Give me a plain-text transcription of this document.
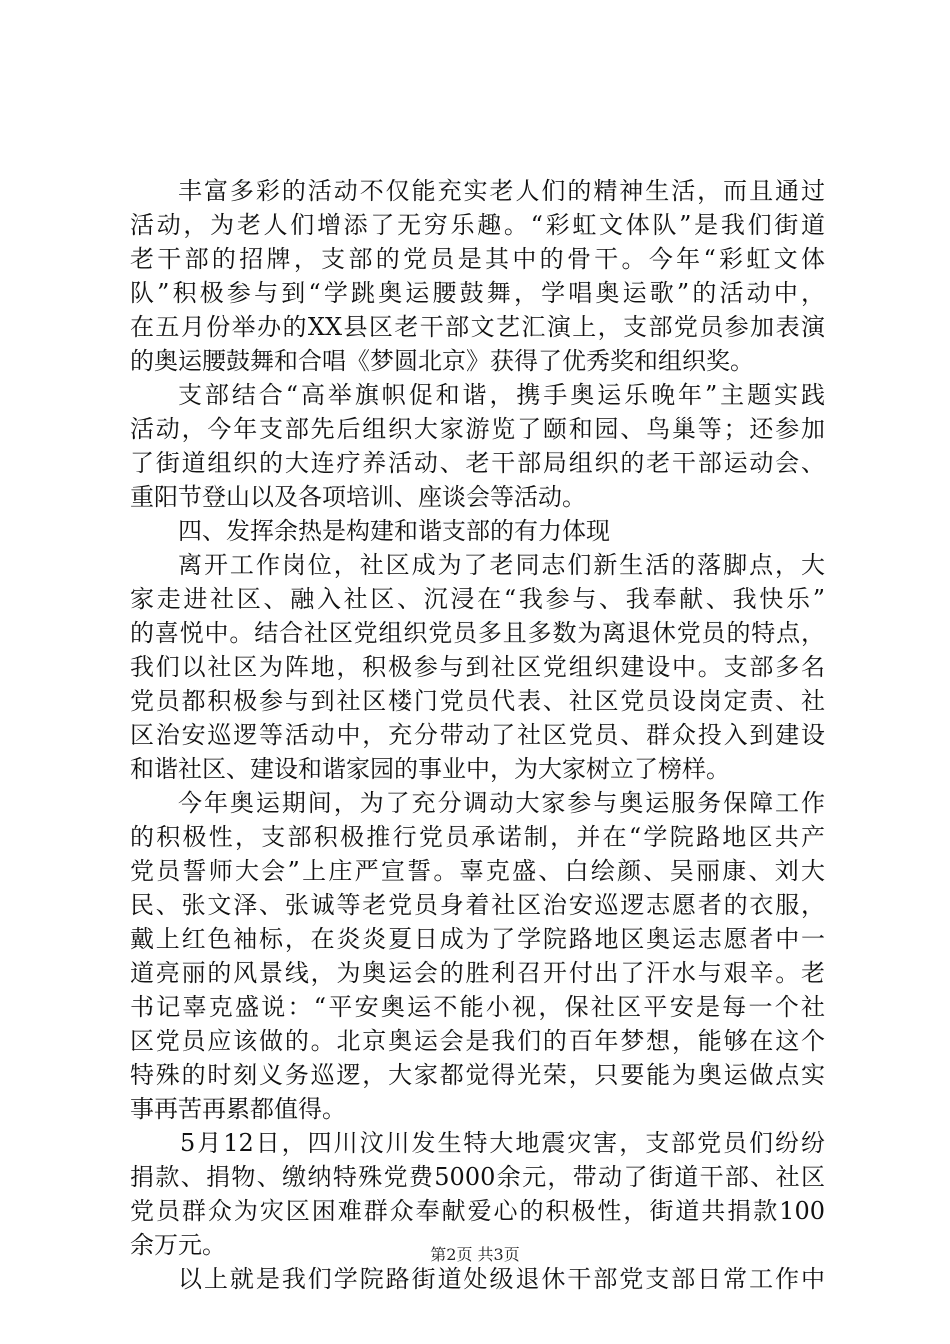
丰富多彩的活动不仅能充实老人们的精神生活，而且通过
活动，为老人们增添了无穷乐趣。“彩虹文体队”是我们街道
老干部的招牌，支部的党员是其中的骨干。今年“彩虹文体
队”积极参与到“学跳奥运腰鼓舞，学唱奥运歌”的活动中，
在五月份举办的XX县区老干部文艺汇演上，支部党员参加表演
的奥运腰鼓舞和合唱《梦圆北京》获得了优秀奖和组织奖。
支部结合“高举旗帜促和谐，携手奥运乐晚年”主题实践
活动，今年支部先后组织大家游览了颐和园、鸟巢等；还参加
了街道组织的大连疗养活动、老干部局组织的老干部运动会、
重阳节登山以及各项培训、座谈会等活动。
四、发挥余热是构建和谐支部的有力体现
离开工作岗位，社区成为了老同志们新生活的落脚点，大
家走进社区、融入社区、沉浸在“我参与、我奉献、我快乐”
的喜悦中。结合社区党组织党员多且多数为离退休党员的特点，
我们以社区为阵地，积极参与到社区党组织建设中。支部多名
党员都积极参与到社区楼门党员代表、社区党员设岗定责、社
区治安巡逻等活动中，充分带动了社区党员、群众投入到建设
和谐社区、建设和谐家园的事业中，为大家树立了榜样。
今年奥运期间，为了充分调动大家参与奥运服务保障工作
的积极性，支部积极推行党员承诺制，并在“学院路地区共产
党员誓师大会”上庄严宣誓。辜克盛、白绘颜、吴丽康、刘大
民、张文泽、张诚等老党员身着社区治安巡逻志愿者的衣服，
戴上红色袖标，在炎炎夏日成为了学院路地区奥运志愿者中一
道亮丽的风景线，为奥运会的胜利召开付出了汗水与艰辛。老
书记辜克盛说：“平安奥运不能小视，保社区平安是每一个社
区党员应该做的。北京奥运会是我们的百年梦想，能够在这个
特殊的时刻义务巡逻，大家都觉得光荣，只要能为奥运做点实
事再苦再累都值得。
5月12日，四川汶川发生特大地震灾害，支部党员们纷纷
捐款、捐物、缴纳特殊党费5000余元，带动了街道干部、社区
党员群众为灾区困难群众奉献爱心的积极性，街道共捐款100
余万元。
以上就是我们学院路街道处级退休干部党支部日常工作中
第2页 共3页
